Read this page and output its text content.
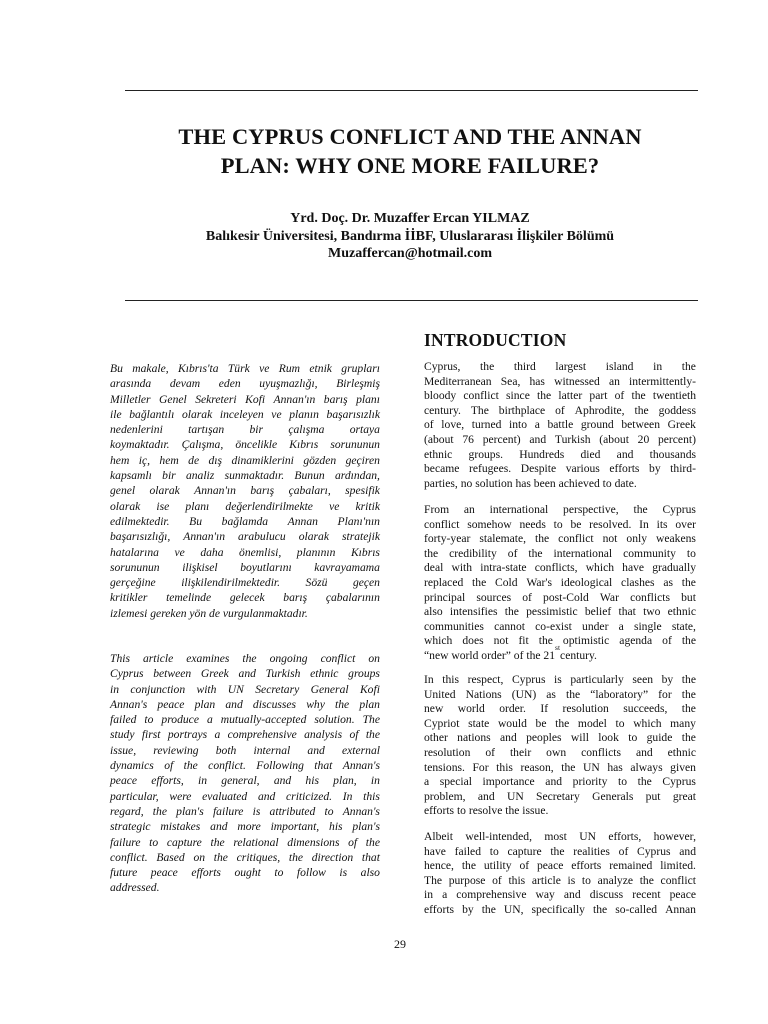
THE CYPRUS CONFLICT AND THE ANNAN
PLAN: WHY ONE MORE FAILURE?
Yrd. Doç. Dr. Muzaffer Ercan YILMAZ
Balıkesir Üniversitesi, Bandırma İİBF, Uluslararası İlişkiler Bölümü
Muzaffercan@hotmail.com
INTRODUCTION
Bu makale, Kıbrıs'ta Türk ve Rum etnik grupları
arasında devam eden uyuşmazlığı, Birleşmiş
Milletler Genel Sekreteri Kofi Annan'ın barış planı
ile bağlantılı olarak inceleyen ve planın başarısızlık
nedenlerini tartışan bir çalışma ortaya
koymaktadır. Çalışma, öncelikle Kıbrıs sorununun
hem iç, hem de dış dinamiklerini gözden geçiren
kapsamlı bir analiz sunmaktadır. Bunun ardından,
genel olarak Annan'ın barış çabaları, spesifik
olarak ise planı değerlendirilmekte ve kritik
edilmektedir. Bu bağlamda Annan Planı'nın
başarısızlığı, Annan'ın arabulucu olarak stratejik
hatalarına ve daha önemlisi, planının Kıbrıs
sorununun ilişkisel boyutlarını kavrayamama
gerçeğine ilişkilendirilmektedir. Sözü geçen
kritikler temelinde gelecek barış çabalarının
izlemesi gereken yön de vurgulanmaktadır.
This article examines the ongoing conflict on
Cyprus between Greek and Turkish ethnic groups
in conjunction with UN Secretary General Kofi
Annan's peace plan and discusses why the plan
failed to produce a mutually-accepted solution. The
study first portrays a comprehensive analysis of the
issue, reviewing both internal and external
dynamics of the conflict. Following that Annan's
peace efforts, in general, and his plan, in
particular, were evaluated and criticized. In this
regard, the plan's failure is attributed to Annan's
strategic mistakes and more important, his plan's
failure to capture the relational dimensions of the
conflict. Based on the critiques, the direction that
future peace efforts ought to follow is also
addressed.
Cyprus, the third largest island in the
Mediterranean Sea, has witnessed an intermittently-
bloody conflict since the latter part of the twentieth
century. The birthplace of Aphrodite, the goddess
of love, turned into a battle ground between Greek
(about 76 percent) and Turkish (about 20 percent)
ethnic groups. Hundreds died and thousands
became refugees. Despite various efforts by third-
parties, no solution has been achieved to date.
From an international perspective, the Cyprus
conflict somehow needs to be resolved. In its over
forty-year stalemate, the conflict not only weakens
the credibility of the international community to
deal with intra-state conflicts, which have gradually
replaced the Cold War's ideological clashes as the
principal sources of post-Cold War conflicts but
also intensifies the pessimistic belief that two ethnic
communities cannot co-exist under a single state,
which does not fit the optimistic agenda of the
“new world order” of the 21
$^{st}$
century.
In this respect, Cyprus is particularly seen by the
United Nations (UN) as the “laboratory” for the
new world order. If resolution succeeds, the
Cypriot state would be the model to which many
other nations and peoples will look to guide the
resolution of their own conflicts and ethnic
tensions. For this reason, the UN has always given
a special importance and priority to the Cyprus
problem, and UN Secretary Generals put great
efforts to resolve the issue.
Albeit well-intended, most UN efforts, however,
have failed to capture the realities of Cyprus and
hence, the utility of peace efforts remained limited.
The purpose of this article is to analyze the conflict
in a comprehensive way and discuss recent peace
efforts by the UN, specifically the so-called Annan
29
